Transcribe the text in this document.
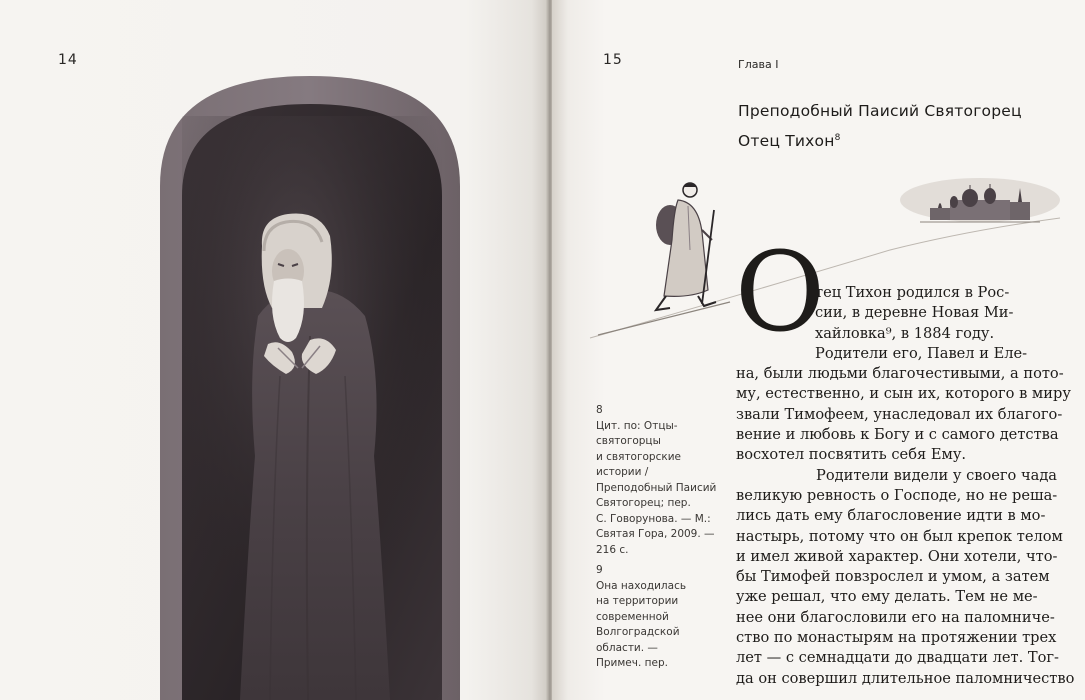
14	15	Глава I
Преподобный Паисий Святогорец
Отец Тихон$^8$
О
тец Тихон родился в Рос-
сии, в деревне Новая Ми-
хайловка⁹, в 1884 году.
Родители его, Павел и Еле-
на, были людьми благочестивыми, а пото-
му, естественно, и сын их, которого в миру
звали Тимофеем, унаследовал их благого-
вение и любовь к Богу и с самого детства
восхотел посвятить себя Ему.
Родители видели у своего чада
великую ревность о Господе, но не реша-
лись дать ему благословение идти в мо-
настырь, потому что он был крепок телом
и имел живой характер. Они хотели, что-
бы Тимофей повзрослел и умом, а затем
уже решал, что ему делать. Тем не ме-
нее они благословили его на паломниче-
ство по монастырям на протяжении трех
лет — с семнадцати до двадцати лет. Тог-
да он совершил длительное паломничество
8
Цит. по: Отцы-
святогорцы
и святогорские
истории /
Преподобный Паисий
Святогорец; пер.
С. Говорунова. — М.:
Святая Гора, 2009. —
216 с.
9
Она находилась
на территории
современной
Волгоградской
области. —
Примеч. пер.
